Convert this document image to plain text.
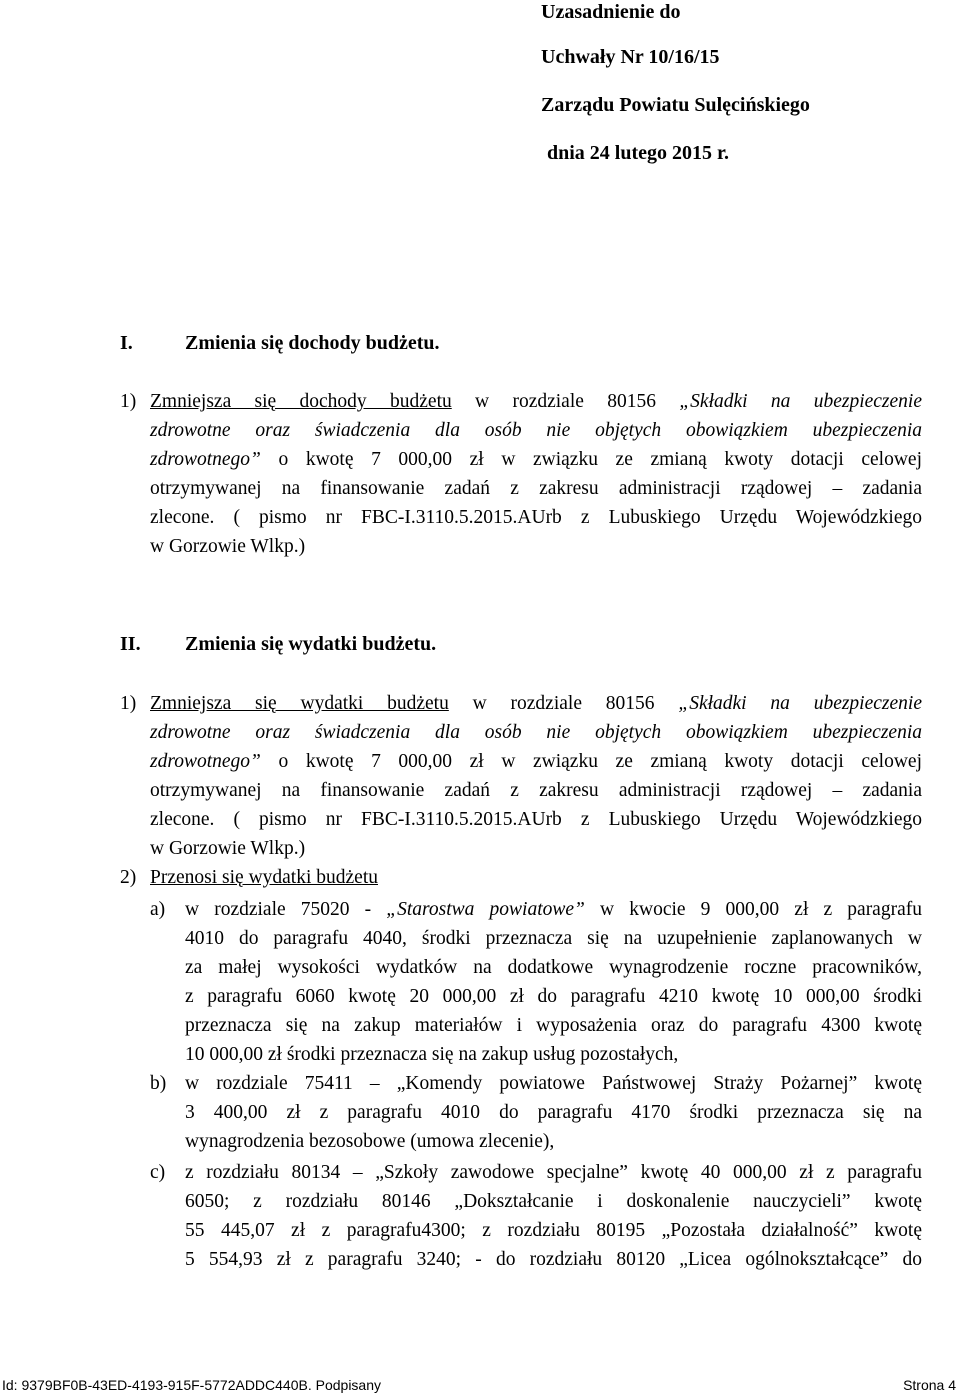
Uzasadnienie do
Uchwały Nr 10/16/15
Zarządu Powiatu Sulęcińskiego
dnia 24 lutego 2015 r.
I.	Zmienia się dochody budżetu.
1) Zmniejsza się dochody budżetu w rozdziale 80156 „Składki na ubezpieczenie
zdrowotne oraz świadczenia dla osób nie objętych obowiązkiem ubezpieczenia
zdrowotnego” o kwotę 7 000,00 zł w związku ze zmianą kwoty dotacji celowej
otrzymywanej na finansowanie zadań z zakresu administracji rządowej – zadania
zlecone. ( pismo nr FBC-I.3110.5.2015.AUrb z Lubuskiego Urzędu Wojewódzkiego
w Gorzowie Wlkp.)
II. Zmienia się wydatki budżetu.
1) Zmniejsza się wydatki budżetu w rozdziale 80156 „Składki na ubezpieczenie
zdrowotne oraz świadczenia dla osób nie objętych obowiązkiem ubezpieczenia
zdrowotnego” o kwotę 7 000,00 zł w związku ze zmianą kwoty dotacji celowej
otrzymywanej na finansowanie zadań z zakresu administracji rządowej – zadania
zlecone. ( pismo nr FBC-I.3110.5.2015.AUrb z Lubuskiego Urzędu Wojewódzkiego
w Gorzowie Wlkp.)
2) Przenosi się wydatki budżetu
a) w rozdziale 75020 - „Starostwa powiatowe” w kwocie 9 000,00 zł z paragrafu
4010 do paragrafu 4040, środki przeznacza się na uzupełnienie zaplanowanych w
za małej wysokości wydatków na dodatkowe wynagrodzenie roczne pracowników,
z paragrafu 6060 kwotę 20 000,00 zł do paragrafu 4210 kwotę 10 000,00 środki
przeznacza się na zakup materiałów i wyposażenia oraz do paragrafu 4300 kwotę
10 000,00 zł środki przeznacza się na zakup usług pozostałych,
b) w rozdziale 75411 – „Komendy powiatowe Państwowej Straży Pożarnej” kwotę
3 400,00 zł z paragrafu 4010 do paragrafu 4170 środki przeznacza się na
wynagrodzenia bezosobowe (umowa zlecenie),
c) z rozdziału 80134 – „Szkoły zawodowe specjalne” kwotę 40 000,00 zł z paragrafu
6050; z rozdziału 80146 „Dokształcanie i doskonalenie nauczycieli” kwotę
55 445,07 zł z paragrafu4300; z rozdziału 80195 „Pozostała działalność” kwotę
5 554,93 zł z paragrafu 3240; - do rozdziału 80120 „Licea ogólnokształcące” do
Id: 9379BF0B-43ED-4193-915F-5772ADDC440B. Podpisany	Strona 4
